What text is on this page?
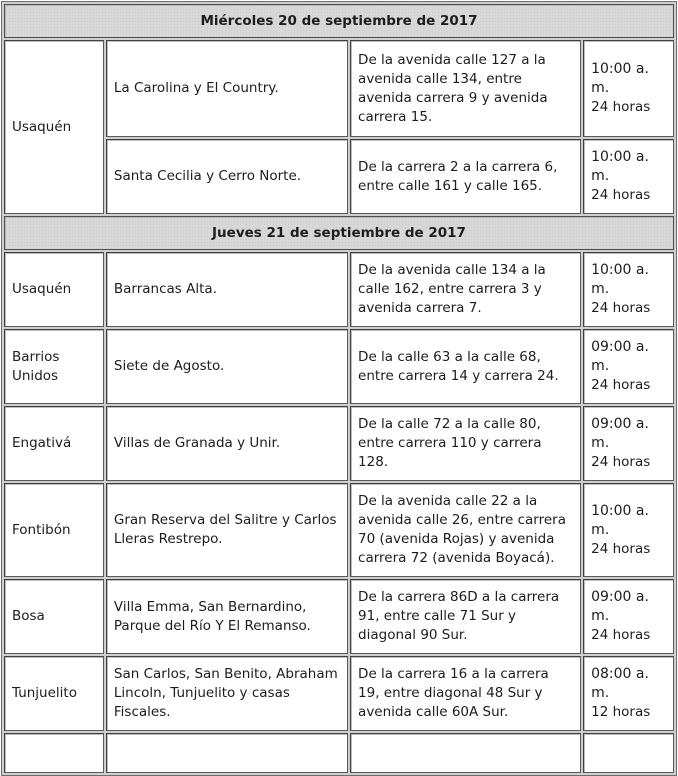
Miércoles 20 de septiembre de 2017			
Usaquén	La Carolina y El Country.	De la avenida calle 127 a la avenida calle 134, entre avenida carrera 9 y avenida carrera 15.	10:00 a. m.
24 horas

	Santa Cecilia y Cerro Norte.	De la carrera 2 a la carrera 6, entre calle 161 y calle 165.	10:00 a. m.
24 horas

Jueves 21 de septiembre de 2017			
Usaquén	Barrancas Alta.	De la avenida calle 134 a la calle 162, entre carrera 3 y avenida carrera 7.	10:00 a. m.
24 horas

Barrios Unidos	Siete de Agosto.	De la calle 63 a la calle 68, entre carrera 14 y carrera 24.	09:00 a. m.
24 horas

Engativá	Villas de Granada y Unir.	De la calle 72 a la calle 80, entre carrera 110 y carrera 128.	09:00 a. m.
24 horas

Fontibón	Gran Reserva del Salitre y Carlos Lleras Restrepo.	De la avenida calle 22 a la avenida calle 26, entre carrera 70 (avenida Rojas) y avenida carrera 72 (avenida Boyacá).	10:00 a. m.
24 horas

Bosa	Villa Emma, San Bernardino, Parque del Río Y El Remanso.	De la carrera 86D a la carrera 91, entre calle 71 Sur y diagonal 90 Sur.	09:00 a. m.
24 horas

Tunjuelito	San Carlos, San Benito, Abraham Lincoln, Tunjuelito y casas Fiscales.	De la carrera 16 a la carrera 19, entre diagonal 48 Sur y avenida calle 60A Sur.	08:00 a. m.
12 horas
